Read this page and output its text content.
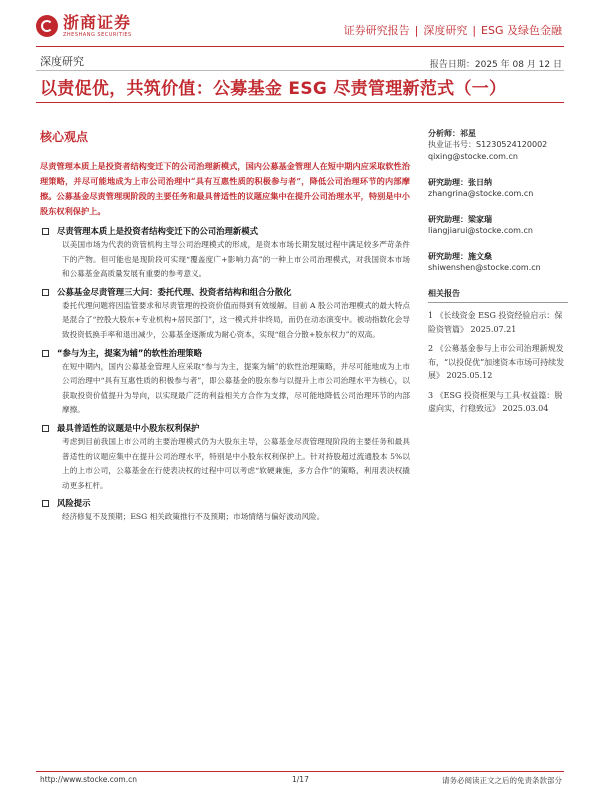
浙商证券
ZHESHANG SECURITIES	证券研究报告 | 深度研究 | ESG 及绿色金融
深度研究	报告日期：2025 年 08 月 12 日
以责促优，共筑价值：公募基金 ESG 尽责管理新范式（一）
核心观点

尽责管理本质上是投资者结构变迁下的公司治理新模式，国内公募基金管理人在短中期内应采取软性治理策略，并尽可能地成为上市公司治理中“具有互惠性质的积极参与者”，降低公司治理环节的内部摩擦。公募基金尽责管理现阶段的主要任务和最具普适性的议题应集中在提升公司治理水平，特别是中小股东权利保护上。

尽责管理本质上是投资者结构变迁下的公司治理新模式
以美国市场为代表的资管机构主导公司治理模式的形成，是资本市场长期发展过程中满足较多严苛条件下的产物。但可能也是现阶段可实现“覆盖度广+影响力高”的一种上市公司治理模式，对我国资本市场和公募基金高质量发展有重要的参考意义。
公募基金尽责管理三大问：委托代理、投资者结构和组合分散化
委托代理问题将因监管要求和尽责管理的投资价值而得到有效缓解。目前 A 股公司治理模式的最大特点是混合了“控股大股东+专业机构+居民部门”，这一模式并非终局，而仍在动态演变中。被动指数化会导致投资低换手率和退出减少，公募基金逐渐成为耐心资本，实现“组合分散+股东权力”的双高。
“参与为主，提案为辅”的软性治理策略
在短中期内，国内公募基金管理人应采取“参与为主，提案为辅”的软性治理策略，并尽可能地成为上市公司治理中“具有互惠性质的积极参与者”，即公募基金的股东参与以提升上市公司治理水平为核心，以获取投资价值提升为导向，以实现最广泛的利益相关方合作为支撑，尽可能地降低公司治理环节的内部摩擦。
最具普适性的议题是中小股东权利保护
考虑到目前我国上市公司的主要治理模式仍为大股东主导，公募基金尽责管理现阶段的主要任务和最具普适性的议题应集中在提升公司治理水平，特别是中小股东权利保护上。针对持股超过流通股本 5%以上的上市公司，公募基金在行使表决权的过程中可以考虑“软硬兼施，多方合作”的策略，利用表决权撬动更多杠杆。
风险提示
经济修复不及预期；ESG 相关政策推行不及预期；市场情绪与偏好波动风险。
分析师：祁星
执业证书号：S1230524120002
qixing@stocke.com.cn
研究助理：张日纳
zhangrina@stocke.com.cn
研究助理：梁家瑞
liangjiarui@stocke.com.cn
研究助理：施文燊
shiwenshen@stocke.com.cn
相关报告
1 《长线资金 ESG 投资经验启示：保险资管篇》 2025.07.21
2 《公募基金参与上市公司治理新规发布，“以投促优”加速资本市场可持续发展》 2025.05.12
3 《ESG 投资框架与工具·权益篇：脱虚向实，行稳致远》 2025.03.04
http://www.stocke.com.cn	1/17	请务必阅读正文之后的免责条款部分
